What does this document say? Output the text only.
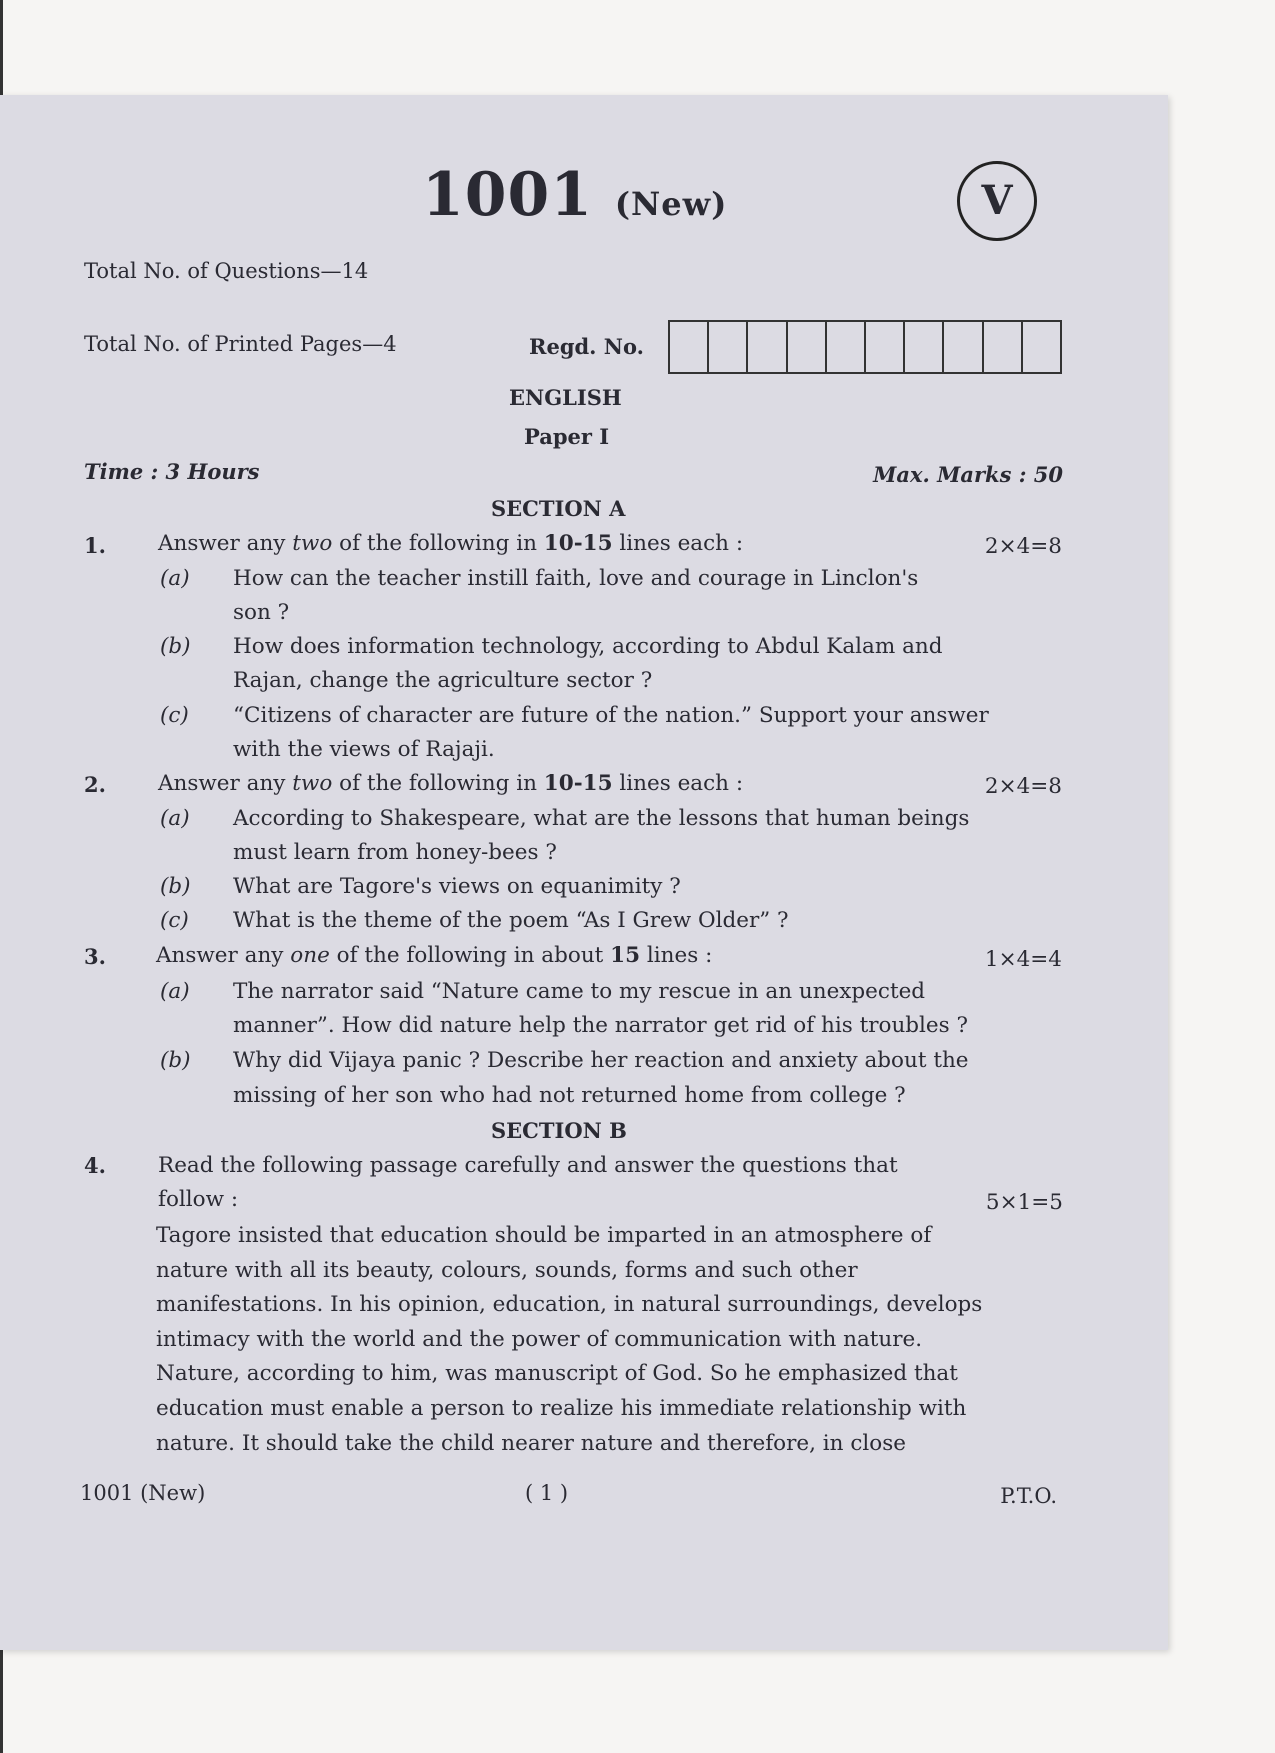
1001 (New)	V
Total No. of Questions—14
Total No. of Printed Pages—4	Regd. No.
ENGLISH
Paper I
Time : 3 Hours	Max. Marks : 50
SECTION A
1. Answer any two of the following in 10-15 lines each :	2×4=8
(a) How can the teacher instill faith, love and courage in Linclon's
son ?
(b) How does information technology, according to Abdul Kalam and
Rajan, change the agriculture sector ?
(c) “Citizens of character are future of the nation.” Support your answer
with the views of Rajaji.
2. Answer any two of the following in 10-15 lines each :	2×4=8
(a) According to Shakespeare, what are the lessons that human beings
must learn from honey-bees ?
(b) What are Tagore's views on equanimity ?
(c) What is the theme of the poem “As I Grew Older” ?
3. Answer any one of the following in about 15 lines :	1×4=4
(a) The narrator said “Nature came to my rescue in an unexpected
manner”. How did nature help the narrator get rid of his troubles ?
(b) Why did Vijaya panic ? Describe her reaction and anxiety about the
missing of her son who had not returned home from college ?
SECTION B
4. Read the following passage carefully and answer the questions that
follow :	5×1=5
Tagore insisted that education should be imparted in an atmosphere of
nature with all its beauty, colours, sounds, forms and such other
manifestations. In his opinion, education, in natural surroundings, develops
intimacy with the world and the power of communication with nature.
Nature, according to him, was manuscript of God. So he emphasized that
education must enable a person to realize his immediate relationship with
nature. It should take the child nearer nature and therefore, in close
1001 (New)	( 1 )	P.T.O.
